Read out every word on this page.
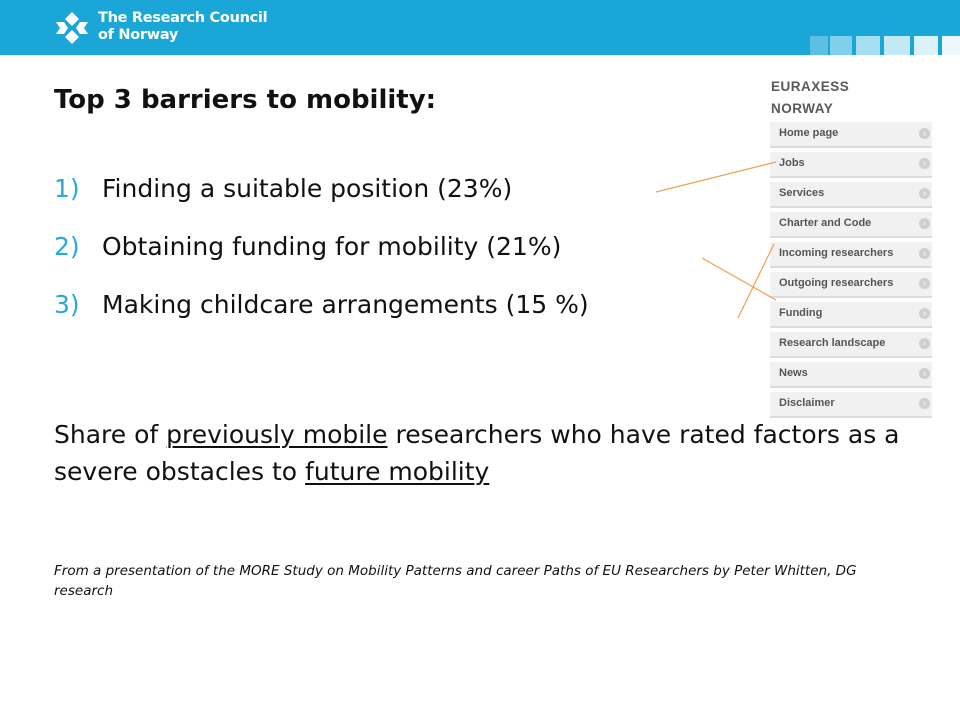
The Research Council
of Norway
Top 3 barriers to mobility:
1) Finding a suitable position (23%)
2) Obtaining funding for mobility (21%)
3) Making childcare arrangements (15 %)
Share of previously mobile researchers who have rated factors as a severe obstacles to future mobility
From a presentation of the MORE Study on Mobility Patterns and career Paths of EU Researchers by Peter Whitten, DG research
EURAXESS
NORWAY
Home page	›
Jobs	›
Services	›
Charter and Code	›
Incoming researchers	›
Outgoing researchers	›
Funding	›
Research landscape	›
News	›
Disclaimer	›
